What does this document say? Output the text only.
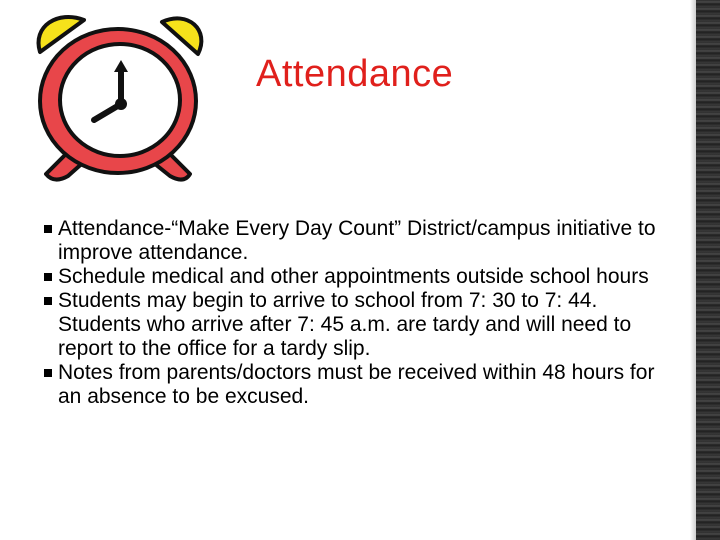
Attendance
Attendance-“Make Every Day Count” District/campus initiative to improve attendance.
Schedule medical and other appointments outside school hours
Students may begin to arrive to school from 7: 30 to 7: 44. Students who arrive after 7: 45 a.m. are tardy and will need to report to the office for a tardy slip.
Notes from parents/doctors must be received within 48 hours for an absence to be excused.
